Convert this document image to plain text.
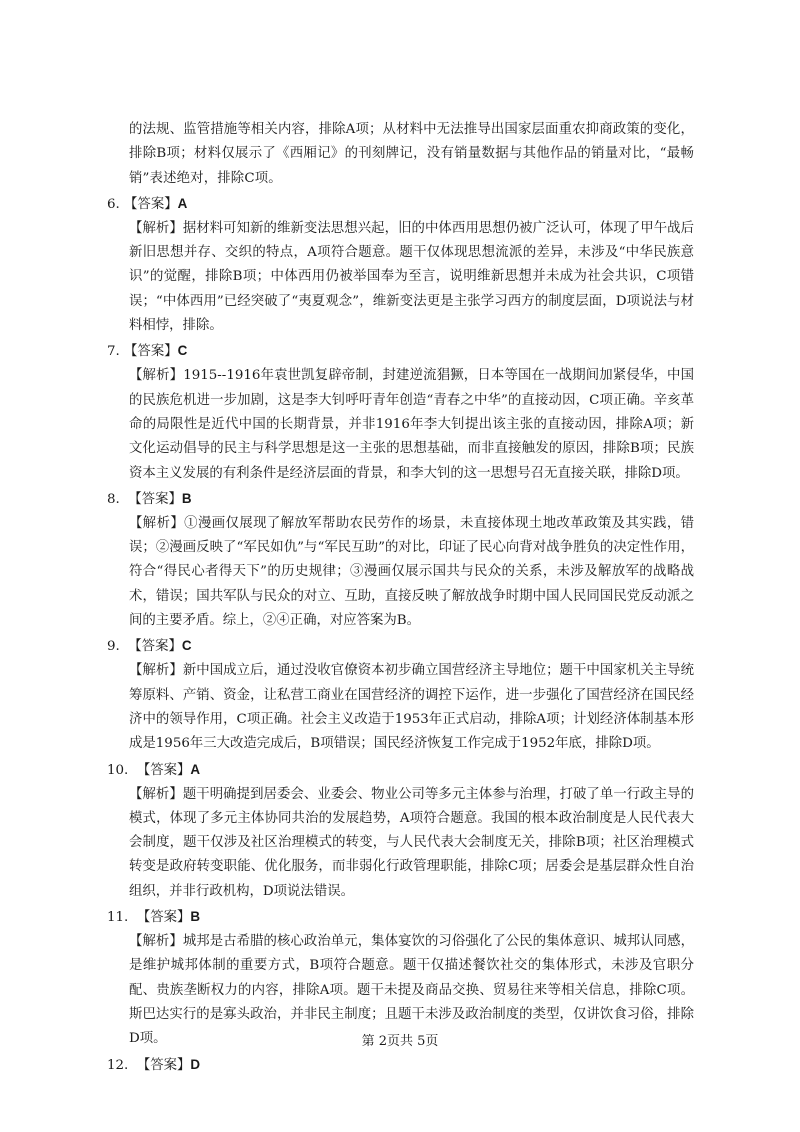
的法规、监管措施等相关内容，排除A项；从材料中无法推导出国家层面重农抑商政策的变化，排除B项；材料仅展示了《西厢记》的刊刻牌记，没有销量数据与其他作品的销量对比，“最畅销”表述绝对，排除C项。

6. 【答案】A

【解析】据材料可知新的维新变法思想兴起，旧的中体西用思想仍被广泛认可，体现了甲午战后新旧思想并存、交织的特点，A项符合题意。题干仅体现思想流派的差异，未涉及“中华民族意识”的觉醒，排除B项；中体西用仍被举国奉为至言，说明维新思想并未成为社会共识，C项错误；“中体西用”已经突破了“夷夏观念”，维新变法更是主张学习西方的制度层面，D项说法与材料相悖，排除。

7. 【答案】C

【解析】1915--1916年袁世凯复辟帝制，封建逆流猖獗，日本等国在一战期间加紧侵华，中国的民族危机进一步加剧，这是李大钊呼吁青年创造“青春之中华”的直接动因，C项正确。辛亥革命的局限性是近代中国的长期背景，并非1916年李大钊提出该主张的直接动因，排除A项；新文化运动倡导的民主与科学思想是这一主张的思想基础，而非直接触发的原因，排除B项；民族资本主义发展的有利条件是经济层面的背景，和李大钊的这一思想号召无直接关联，排除D项。

8. 【答案】B

【解析】①漫画仅展现了解放军帮助农民劳作的场景，未直接体现土地改革政策及其实践，错误；②漫画反映了“军民如仇”与“军民互助”的对比，印证了民心向背对战争胜负的决定性作用，符合“得民心者得天下”的历史规律；③漫画仅展示国共与民众的关系，未涉及解放军的战略战术，错误；国共军队与民众的对立、互助，直接反映了解放战争时期中国人民同国民党反动派之间的主要矛盾。综上，②④正确，对应答案为B。

9. 【答案】C

【解析】新中国成立后，通过没收官僚资本初步确立国营经济主导地位；题干中国家机关主导统筹原料、产销、资金，让私营工商业在国营经济的调控下运作，进一步强化了国营经济在国民经济中的领导作用，C项正确。社会主义改造于1953年正式启动，排除A项；计划经济体制基本形成是1956年三大改造完成后，B项错误；国民经济恢复工作完成于1952年底，排除D项。

10. 【答案】A

【解析】题干明确提到居委会、业委会、物业公司等多元主体参与治理，打破了单一行政主导的模式，体现了多元主体协同共治的发展趋势，A项符合题意。我国的根本政治制度是人民代表大会制度，题干仅涉及社区治理模式的转变，与人民代表大会制度无关，排除B项；社区治理模式转变是政府转变职能、优化服务，而非弱化行政管理职能，排除C项；居委会是基层群众性自治组织，并非行政机构，D项说法错误。

11. 【答案】B

【解析】城邦是古希腊的核心政治单元，集体宴饮的习俗强化了公民的集体意识、城邦认同感，是维护城邦体制的重要方式，B项符合题意。题干仅描述餐饮社交的集体形式，未涉及官职分配、贵族垄断权力的内容，排除A项。题干未提及商品交换、贸易往来等相关信息，排除C项。斯巴达实行的是寡头政治，并非民主制度；且题干未涉及政治制度的类型，仅讲饮食习俗，排除D项。

12. 【答案】D

第 2页共 5页
